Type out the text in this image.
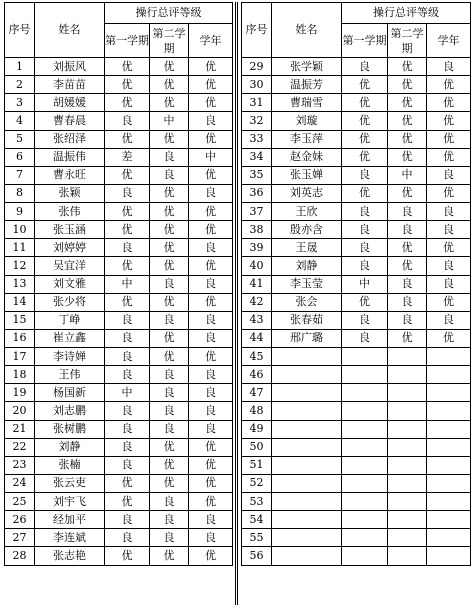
序号	姓名	操行总评等级		
		第一学期	第二学期	学年
1	刘振风	优	优	优
2	李苗苗	优	优	优
3	胡媛媛	优	优	优
4	曹春晨	良	中	良
5	张绍泽	优	优	优
6	温振伟	差	良	中
7	曹永旺	优	良	优
8	张颖	良	优	良
9	张伟	优	优	优
10	张玉涵	优	优	优
11	刘婷婷	良	优	良
12	吴宜洋	优	优	优
13	刘文雅	中	良	良
14	张少将	优	优	优
15	丁峥	良	良	良
16	崔立鑫	良	优	良
17	李诗婵	良	优	优
18	王伟	良	良	良
19	杨国新	中	良	良
20	刘志鹏	良	良	良
21	张树鹏	良	良	良
22	刘静	良	优	优
23	张楠	良	优	优
24	张云吏	优	优	优
25	刘宇飞	优	良	优
26	经加平	良	良	良
27	李连斌	良	良	良
28	张志艳	优	优	优
序号	姓名	操行总评等级		
		第一学期	第二学期	学年
29	张学颖	良	优	良
30	温振芳	优	优	优
31	曹瑞雪	优	优	优
32	刘璇	优	优	优
33	李玉萍	优	优	优
34	赵金妹	优	优	优
35	张玉婵	良	中	良
36	刘英志	优	优	优
37	王欣	良	良	良
38	殷亦含	良	良	良
39	王晟	良	优	优
40	刘静	良	优	良
41	李玉莹	中	良	良
42	张会	优	良	优
43	张春茹	良	良	良
44	邢广璐	良	优	优
45				
46				
47				
48				
49				
50				
51				
52				
53				
54				
55				
56				
